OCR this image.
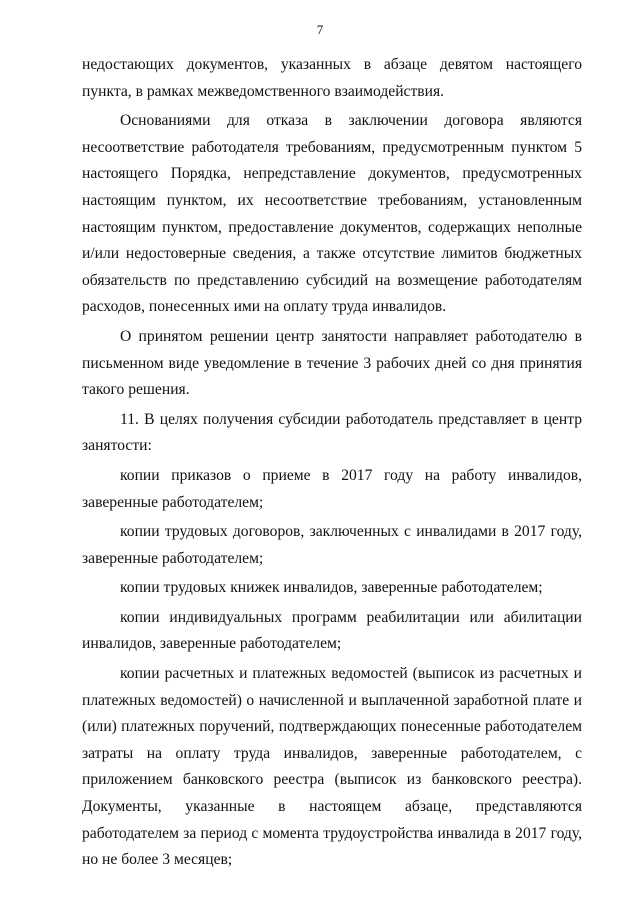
7

недостающих документов, указанных в абзаце девятом настоящего пункта, в рамках межведомственного взаимодействия.

Основаниями для отказа в заключении договора являются несоответствие работодателя требованиям, предусмотренным пунктом 5 настоящего Порядка, непредставление документов, предусмотренных настоящим пунктом, их несоответствие требованиям, установленным настоящим пунктом, предоставление документов, содержащих неполные и/или недостоверные сведения, а также отсутствие лимитов бюджетных обязательств по представлению субсидий на возмещение работодателям расходов, понесенных ими на оплату труда инвалидов.

О принятом решении центр занятости направляет работодателю в письменном виде уведомление в течение 3 рабочих дней со дня принятия такого решения.

11. В целях получения субсидии работодатель представляет в центр занятости:

копии приказов о приеме в 2017 году на работу инвалидов, заверенные работодателем;

копии трудовых договоров, заключенных с инвалидами в 2017 году, заверенные работодателем;

копии трудовых книжек инвалидов, заверенные работодателем;

копии индивидуальных программ реабилитации или абилитации инвалидов, заверенные работодателем;

копии расчетных и платежных ведомостей (выписок из расчетных и платежных ведомостей) о начисленной и выплаченной заработной плате и (или) платежных поручений, подтверждающих понесенные работодателем затраты на оплату труда инвалидов, заверенные работодателем, с приложением банковского реестра (выписок из банковского реестра). Документы, указанные в настоящем абзаце, представляются работодателем за период с момента трудоустройства инвалида в 2017 году, но не более 3 месяцев;
